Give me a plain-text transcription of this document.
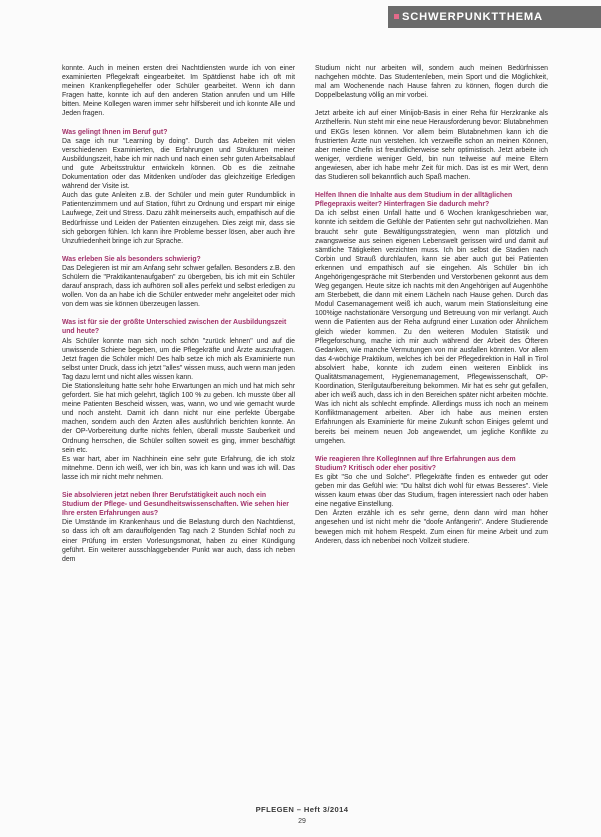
SCHWERPUNKTTHEMA

konnte. Auch in meinen ersten drei Nachtdiensten wurde ich von einer examinierten Pflegekraft eingearbeitet. Im Spätdienst habe ich oft mit meinen Krankenpflegehelfer oder Schüler gearbeitet. Wenn ich dann Fragen hatte, konnte ich auf den anderen Station anrufen und um Hilfe bitten. Meine Kollegen waren immer sehr hilfsbereit und ich konnte Alle und Jeden fragen.

Was gelingt Ihnen im Beruf gut?

Da sage ich nur "Learning by doing". Durch das Arbeiten mit vielen verschiedenen Examinierten, die Erfahrungen und Strukturen meiner Ausbildungszeit, habe ich mir nach und nach einen sehr guten Arbeitsablauf und gute Arbeitsstruktur entwickeln können. Ob es die zeitnahe Dokumentation oder das Mitdenken und/oder das gleichzeitige Erledigen während der Visite ist.

Auch das gute Anleiten z.B. der Schüler und mein guter Rundumblick in Patientenzimmern und auf Station, führt zu Ordnung und erspart mir einige Laufwege, Zeit und Stress. Dazu zählt meinerseits auch, empathisch auf die Bedürfnisse und Leiden der Patienten einzugehen. Dies zeigt mir, dass sie sich geborgen fühlen. Ich kann ihre Probleme besser lösen, aber auch ihre Unzufriedenheit bringe ich zur Sprache.

Was erleben Sie als besonders schwierig?

Das Delegieren ist mir am Anfang sehr schwer gefallen. Besonders z.B. den Schülern die "Praktikantenaufgaben" zu übergeben, bis ich mit ein Schüler darauf ansprach, dass ich aufhören soll alles perfekt und selbst erledigen zu wollen. Von da an habe ich die Schüler entweder mehr angeleitet oder mich von dem was sie können überzeugen lassen.

Was ist für sie der größte Unterschied zwischen der Ausbildungszeit und heute?

Als Schüler konnte man sich noch schön "zurück lehnen" und auf die unwissende Schiene begeben, um die Pflegekräfte und Ärzte auszufragen. Jetzt fragen die Schüler mich! Des halb setze ich mich als Examinierte nun selbst unter Druck, dass ich jetzt "alles" wissen muss, auch wenn man jeden Tag dazu lernt und nicht alles wissen kann.

Die Stationsleitung hatte sehr hohe Erwartungen an mich und hat mich sehr gefordert. Sie hat mich gelehrt, täglich 100 % zu geben. Ich musste über all meine Patienten Bescheid wissen, was, wann, wo und wie gemacht wurde und noch ansteht. Damit ich dann nicht nur eine perfekte Übergabe machen, sondern auch den Ärzten alles ausführlich berichten konnte. An der OP-Vorbereitung durfte nichts fehlen, überall musste Sauberkeit und Ordnung herrschen, die Schüler sollten soweit es ging, immer beschäftigt sein etc.

Es war hart, aber im Nachhinein eine sehr gute Erfahrung, die ich stolz mitnehme. Denn ich weiß, wer ich bin, was ich kann und was ich will. Das lasse ich mir nicht mehr nehmen.

Sie absolvieren jetzt neben Ihrer Berufstätigkeit auch noch ein Studium der Pflege- und Gesundheitswissenschaften. Wie sehen hier Ihre ersten Erfahrungen aus?

Die Umstände im Krankenhaus und die Belastung durch den Nachtdienst, so dass ich oft am darauffolgenden Tag nach 2 Stunden Schlaf noch zu einer Prüfung im ersten Vorlesungsmonat, haben zu einer Kündigung geführt. Ein weiterer ausschlaggebender Punkt war auch, dass ich neben dem

Studium nicht nur arbeiten will, sondern auch meinen Bedürfnissen nachgehen möchte. Das Studentenleben, mein Sport und die Möglichkeit, mal am Wochenende nach Hause fahren zu können, flogen durch die Doppelbelastung völlig an mir vorbei.

Jetzt arbeite ich auf einer Minijob-Basis in einer Reha für Herzkranke als Arzthelferin. Nun steht mir eine neue Herausforderung bevor: Blutabnehmen und EKGs lesen können. Vor allem beim Blutabnehmen kann ich die frustrierten Ärzte nun verstehen. Ich verzweifle schon an meinen Können, aber meine Chefin ist freundlicherweise sehr optimistisch. Jetzt arbeite ich weniger, verdiene weniger Geld, bin nun teilweise auf meine Eltern angewiesen, aber ich habe mehr Zeit für mich. Das ist es mir Wert, denn das Studieren soll bekanntlich auch Spaß machen.

Helfen Ihnen die Inhalte aus dem Studium in der alltäglichen Pflegepraxis weiter? Hinterfragen Sie dadurch mehr?

Da ich selbst einen Unfall hatte und 6 Wochen krankgeschrieben war, konnte ich seitdem die Gefühle der Patienten sehr gut nachvollziehen. Man braucht sehr gute Bewältigungsstrategien, wenn man plötzlich und zwangsweise aus seinen eigenen Lebenswelt gerissen wird und damit auf sämtliche Tätigkeiten verzichten muss. Ich bin selbst die Stadien nach Corbin und Strauß durchlaufen, kann sie aber auch gut bei Patienten erkennen und empathisch auf sie eingehen. Als Schüler bin ich Angehörigengespräche mit Sterbenden und Verstorbenen gekonnt aus dem Weg gegangen. Heute sitze ich nachts mit den Angehörigen auf Augenhöhe am Sterbebett, die dann mit einem Lächeln nach Hause gehen. Durch das Modul Casemanagement weiß ich auch, warum mein Stationsleitung eine 100%ige nachstationäre Versorgung und Betreuung von mir verlangt. Auch wenn die Patienten aus der Reha aufgrund einer Luxation oder Ähnlichem gleich wieder kommen. Zu den weiteren Modulen Statistik und Pflegeforschung, mache ich mir auch während der Arbeit des Öfteren Gedanken, wie manche Vermutungen von mir ausfallen könnten. Vor allem das 4-wöchige Praktikum, welches ich bei der Pflegedirektion in Hall in Tirol absolviert habe, konnte ich zudem einen weiteren Einblick ins Qualitätsmanagement, Hygienemanagement, Pflegewissenschaft, OP-Koordination, Sterilgutaufbereitung bekommen. Mir hat es sehr gut gefallen, aber ich weiß auch, dass ich in den Bereichen später nicht arbeiten möchte. Was ich nicht als schlecht empfinde. Allerdings muss ich noch an meinem Konfliktmanagement arbeiten. Aber ich habe aus meinen ersten Erfahrungen als Examinierte für meine Zukunft schon Einiges gelernt und bereits bei meinem neuen Job angewendet, um jegliche Konflikte zu umgehen.

Wie reagieren Ihre KollegInnen auf Ihre Erfahrungen aus dem Studium? Kritisch oder eher positiv?

Es gibt "So che und Solche". Pflegekräfte finden es entweder gut oder geben mir das Gefühl wie: "Du hältst dich wohl für etwas Besseres". Viele wissen kaum etwas über das Studium, fragen interessiert nach oder haben eine negative Einstellung.

Den Ärzten erzähle ich es sehr gerne, denn dann wird man höher angesehen und ist nicht mehr die "doofe Anfängerin". Andere Studierende bewegen mich mit hohem Respekt. Zum einen für meine Arbeit und zum Anderen, dass ich nebenbei noch Vollzeit studiere.

PFLEGEN – Heft 3/2014
29
